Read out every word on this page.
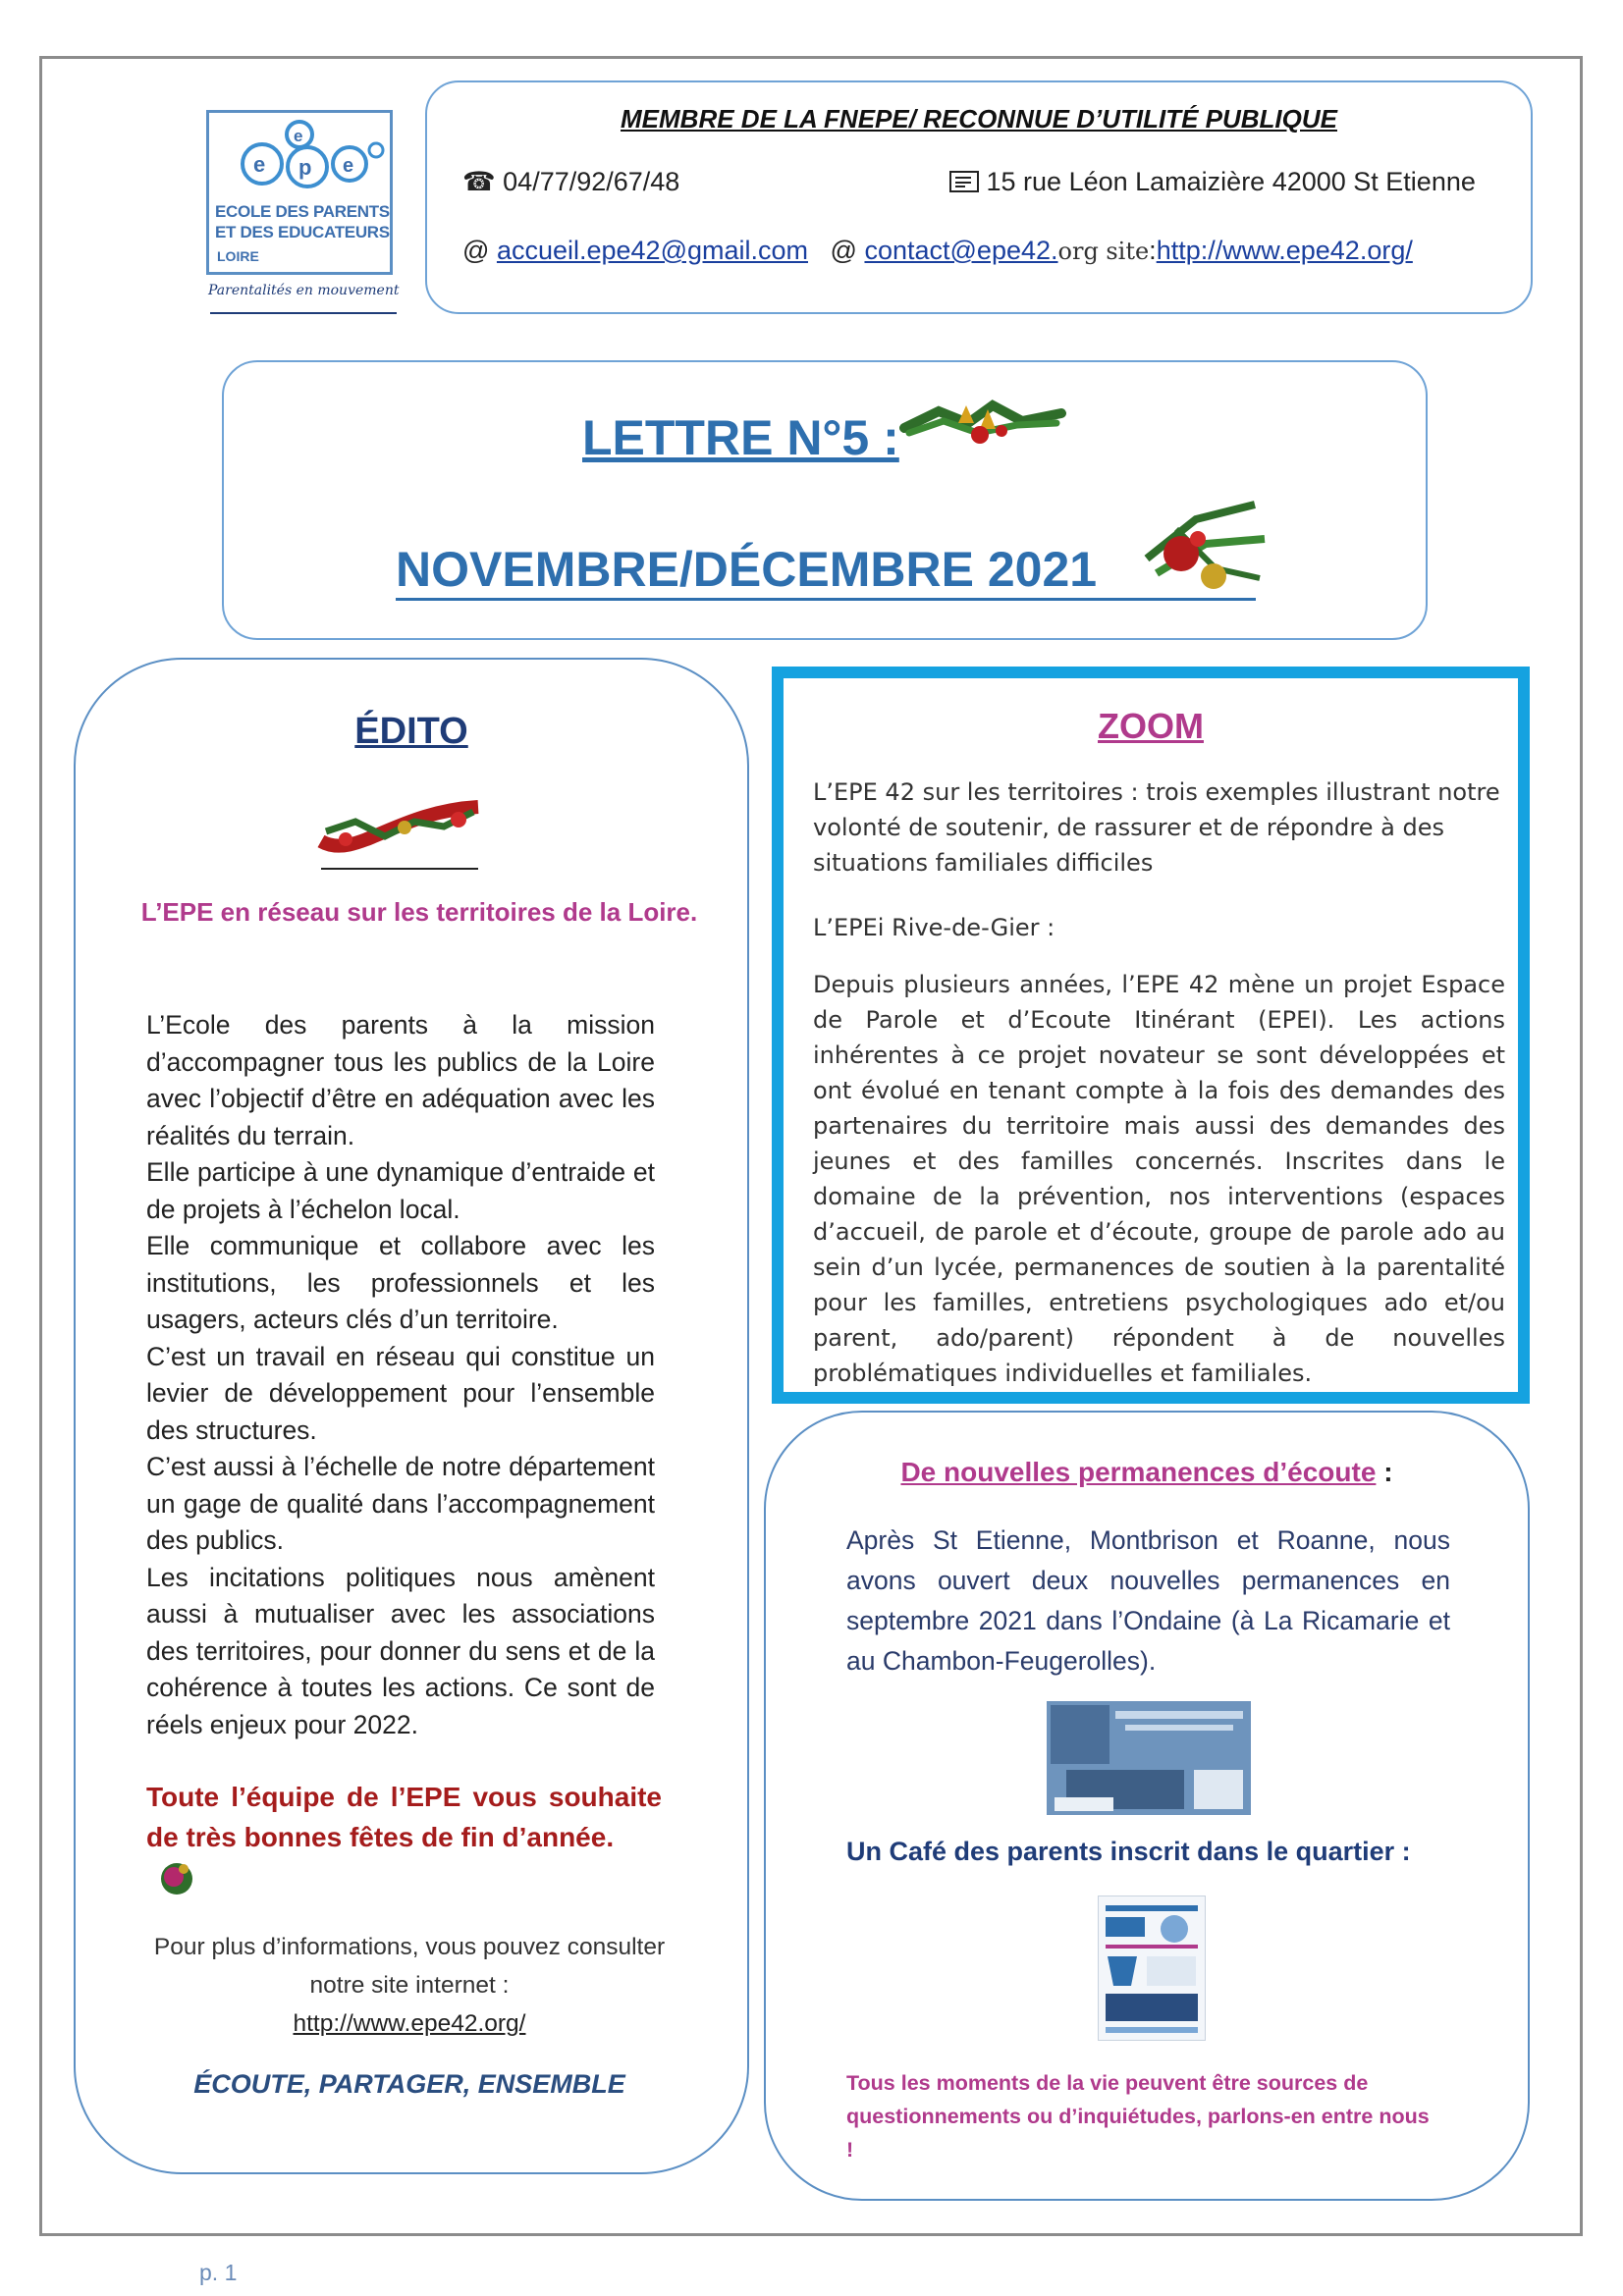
e
e
p e
ECOLE DES PARENTS
ET DES EDUCATEURS
LOIRE
Parentalités en mouvement
MEMBRE DE LA FNEPE/ RECONNUE D’UTILITÉ PUBLIQUE
☎ 04/77/92/67/48	15 rue Léon Lamaizière 42000 St Etienne
@ accueil.epe42@gmail.com @ contact@epe42.org site:http://www.epe42.org/
LETTRE N°5 :
NOVEMBRE/DÉCEMBRE 2021
ÉDITO
L’EPE en réseau sur les territoires de la Loire.

L’Ecole des parents à la mission d’accompagner tous les publics de la Loire avec l’objectif d’être en adéquation avec les réalités du terrain.

Elle participe à une dynamique d’entraide et de projets à l’échelon local.

Elle communique et collabore avec les institutions, les professionnels et les usagers, acteurs clés d’un territoire.

C’est un travail en réseau qui constitue un levier de développement pour l’ensemble des structures.

C’est aussi à l’échelle de notre département un gage de qualité dans l’accompagnement des publics.

Les incitations politiques nous amènent aussi à mutualiser avec les associations des territoires, pour donner du sens et de la cohérence à toutes les actions. Ce sont de réels enjeux pour 2022.

Toute l’équipe de l’EPE vous souhaite de très bonnes fêtes de fin d’année.
Pour plus d’informations, vous pouvez consulter notre site internet :
http://www.epe42.org/
ÉCOUTE, PARTAGER, ENSEMBLE
ZOOM
L’EPE 42 sur les territoires : trois exemples illustrant notre volonté de soutenir, de rassurer et de répondre à des situations familiales difficiles
L’EPEi Rive-de-Gier :
Depuis plusieurs années, l’EPE 42 mène un projet Espace de Parole et d’Ecoute Itinérant (EPEI). Les actions inhérentes à ce projet novateur se sont développées et ont évolué en tenant compte à la fois des demandes des partenaires du territoire mais aussi des demandes des jeunes et des familles concernés. Inscrites dans le domaine de la prévention, nos interventions (espaces d’accueil, de parole et d’écoute, groupe de parole ado au sein d’un lycée, permanences de soutien à la parentalité pour les familles, entretiens psychologiques ado et/ou parent, ado/parent) répondent à de nouvelles problématiques individuelles et familiales.
De nouvelles permanences d’écoute :
Après St Etienne, Montbrison et Roanne, nous avons ouvert deux nouvelles permanences en septembre 2021 dans l’Ondaine (à La Ricamarie et au Chambon-Feugerolles).
Un Café des parents inscrit dans le quartier :
Tous les moments de la vie peuvent être sources de questionnements ou d’inquiétudes, parlons-en entre nous !
p. 1
